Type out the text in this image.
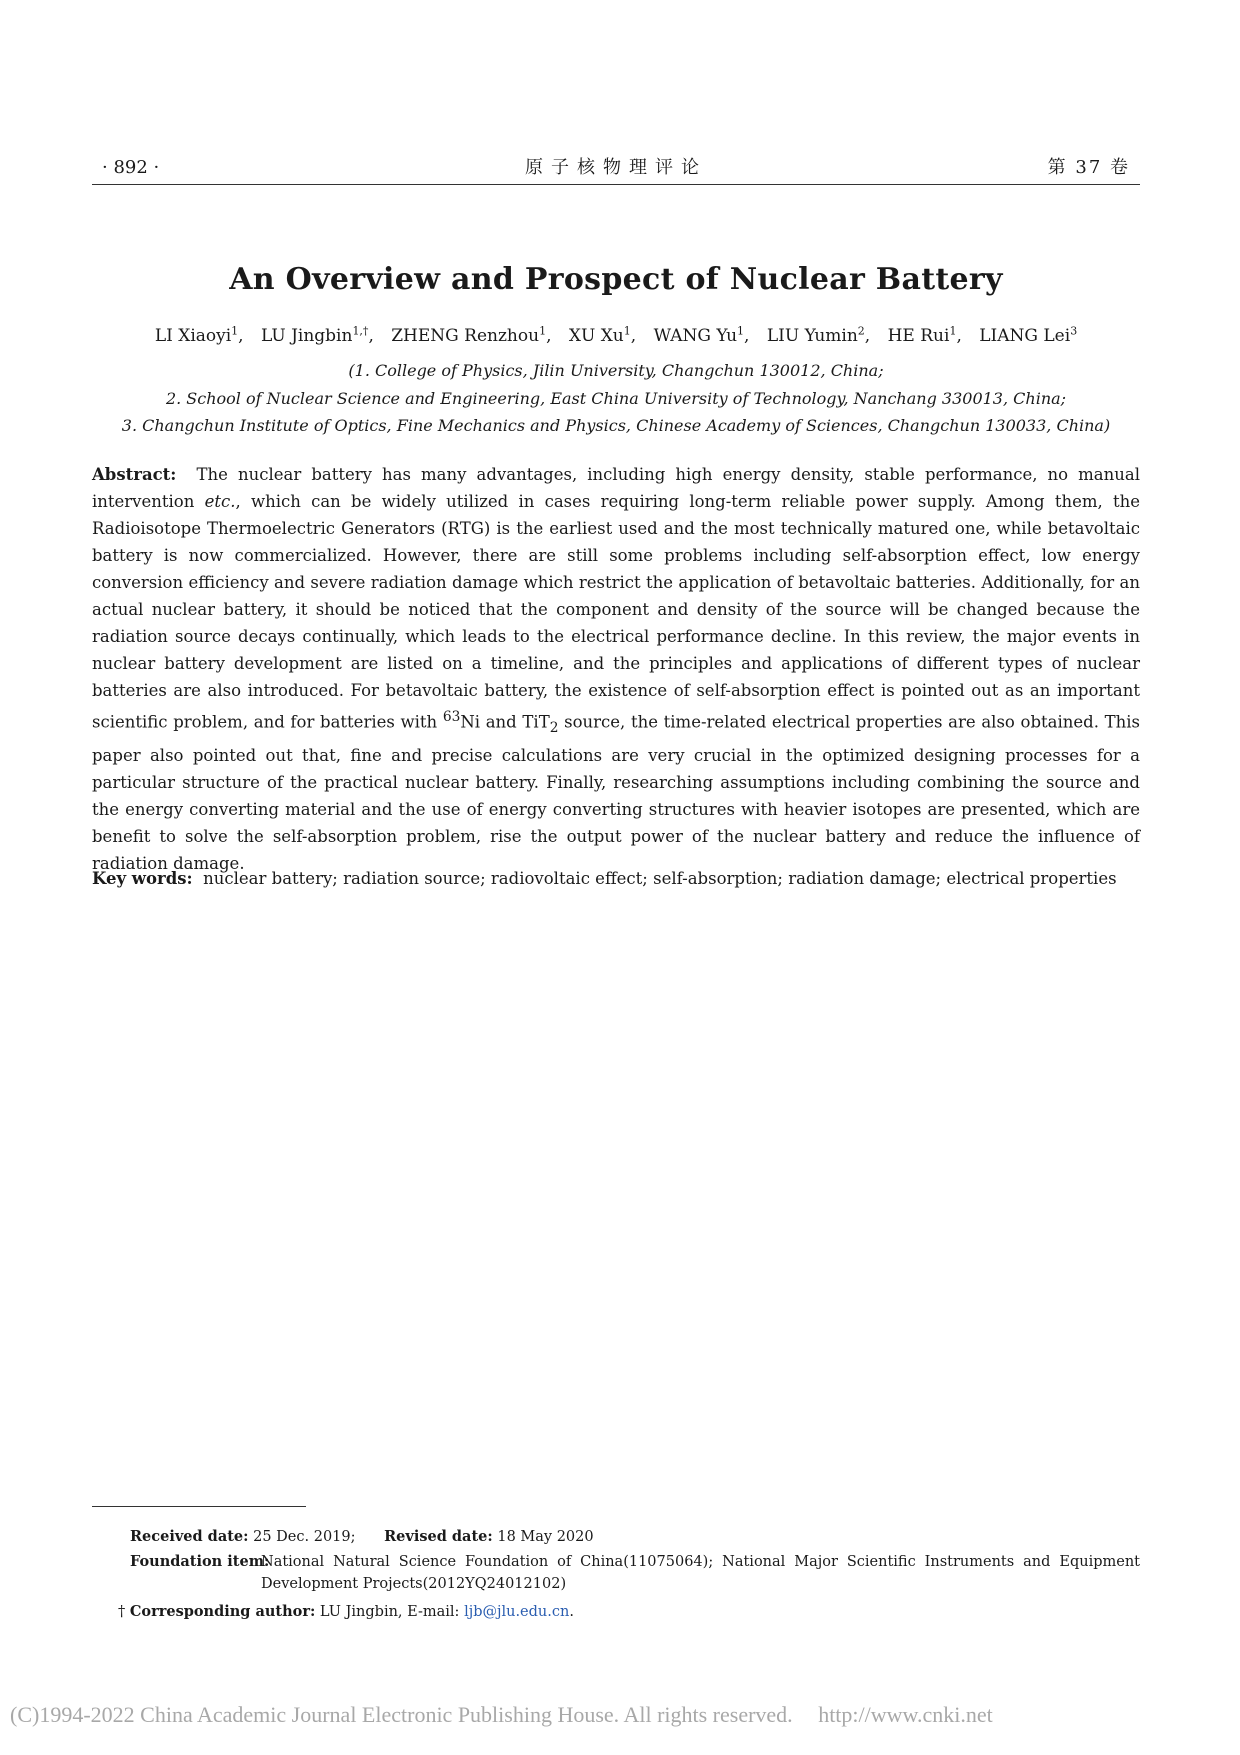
· 892 ·	原子核物理评论	第 37 卷
An Overview and Prospect of Nuclear Battery
LI Xiaoyi$^1$, LU Jingbin$^{1,\dagger}$, ZHENG Renzhou$^1$, XU Xu$^1$, WANG Yu$^1$, LIU Yumin$^2$, HE Rui$^1$, LIANG Lei$^3$
(1. College of Physics, Jilin University, Changchun 130012, China;
2. School of Nuclear Science and Engineering, East China University of Technology, Nanchang 330013, China;
3. Changchun Institute of Optics, Fine Mechanics and Physics, Chinese Academy of Sciences, Changchun 130033, China)
Abstract: The nuclear battery has many advantages, including high energy density, stable performance, no manual intervention etc., which can be widely utilized in cases requiring long-term reliable power supply. Among them, the Radioisotope Thermoelectric Generators (RTG) is the earliest used and the most technically matured one, while betavoltaic battery is now commercialized. However, there are still some problems including self-absorption effect, low energy conversion efficiency and severe radiation damage which restrict the application of betavoltaic batteries. Additionally, for an actual nuclear battery, it should be noticed that the component and density of the source will be changed because the radiation source decays continually, which leads to the electrical performance decline. In this review, the major events in nuclear battery development are listed on a timeline, and the principles and applications of different types of nuclear batteries are also introduced. For betavoltaic battery, the existence of self-absorption effect is pointed out as an important scientific problem, and for batteries with $^{63}$Ni and TiT$_2$ source, the time-related electrical properties are also obtained. This paper also pointed out that, fine and precise calculations are very crucial in the optimized designing processes for a particular structure of the practical nuclear battery. Finally, researching assumptions including combining the source and the energy converting material and the use of energy converting structures with heavier isotopes are presented, which are benefit to solve the self-absorption problem, rise the output power of the nuclear battery and reduce the influence of radiation damage.
Key words: nuclear battery; radiation source; radiovoltaic effect; self-absorption; radiation damage; electrical properties
Received date: 25 Dec. 2019; Revised date: 18 May 2020
Foundation item:
National Natural Science Foundation of China(11075064); National Major Scientific Instruments and Equipment Development Projects(2012YQ24012102)
† Corresponding author: LU Jingbin, E-mail: ljb@jlu.edu.cn.
(C)1994-2022 China Academic Journal Electronic Publishing House. All rights reserved. http://www.cnki.net
